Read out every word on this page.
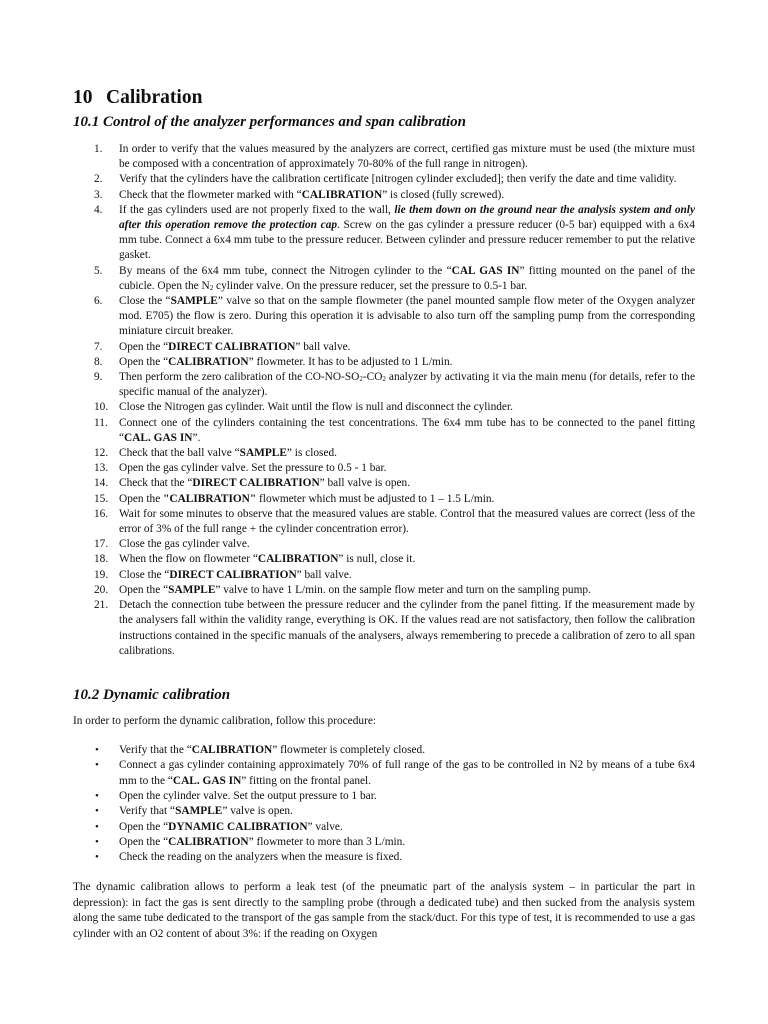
10 Calibration
10.1 Control of the analyzer performances and span calibration
1. In order to verify that the values measured by the analyzers are correct, certified gas mixture must be used (the mixture must be composed with a concentration of approximately 70-80% of the full range in nitrogen).
2. Verify that the cylinders have the calibration certificate [nitrogen cylinder excluded]; then verify the date and time validity.
3. Check that the flowmeter marked with “CALIBRATION” is closed (fully screwed).
4. If the gas cylinders used are not properly fixed to the wall, lie them down on the ground near the analysis system and only after this operation remove the protection cap. Screw on the gas cylinder a pressure reducer (0-5 bar) equipped with a 6x4 mm tube. Connect a 6x4 mm tube to the pressure reducer. Between cylinder and pressure reducer remember to put the relative gasket.
5. By means of the 6x4 mm tube, connect the Nitrogen cylinder to the “CAL GAS IN” fitting mounted on the panel of the cubicle. Open the $N_2$ cylinder valve. On the pressure reducer, set the pressure to 0.5-1 bar.
6. Close the “SAMPLE” valve so that on the sample flowmeter (the panel mounted sample flow meter of the Oxygen analyzer mod. E705) the flow is zero. During this operation it is advisable to also turn off the sampling pump from the corresponding miniature circuit breaker.
7. Open the “DIRECT CALIBRATION” ball valve.
8. Open the “CALIBRATION” flowmeter. It has to be adjusted to 1 L/min.
9. Then perform the zero calibration of the $CO-NO-SO_2-CO_2$ analyzer by activating it via the main menu (for details, refer to the specific manual of the analyzer).
10. Close the Nitrogen gas cylinder. Wait until the flow is null and disconnect the cylinder.
11. Connect one of the cylinders containing the test concentrations. The 6x4 mm tube has to be connected to the panel fitting “CAL. GAS IN”.
12. Check that the ball valve “SAMPLE” is closed.
13. Open the gas cylinder valve. Set the pressure to 0.5 - 1 bar.
14. Check that the “DIRECT CALIBRATION” ball valve is open.
15. Open the "CALIBRATION" flowmeter which must be adjusted to 1 – 1.5 L/min.
16. Wait for some minutes to observe that the measured values are stable. Control that the measured values are correct (less of the error of 3% of the full range + the cylinder concentration error).
17. Close the gas cylinder valve.
18. When the flow on flowmeter “CALIBRATION” is null, close it.
19. Close the “DIRECT CALIBRATION” ball valve.
20. Open the “SAMPLE” valve to have 1 L/min. on the sample flow meter and turn on the sampling pump.
21. Detach the connection tube between the pressure reducer and the cylinder from the panel fitting. If the measurement made by the analysers fall within the validity range, everything is OK. If the values read are not satisfactory, then follow the calibration instructions contained in the specific manuals of the analysers, always remembering to precede a calibration of zero to all span calibrations.
10.2 Dynamic calibration

In order to perform the dynamic calibration, follow this procedure:

• Verify that the “CALIBRATION” flowmeter is completely closed.
• Connect a gas cylinder containing approximately 70% of full range of the gas to be controlled in N2 by means of a tube 6x4 mm to the “CAL. GAS IN” fitting on the frontal panel.
• Open the cylinder valve. Set the output pressure to 1 bar.
• Verify that “SAMPLE” valve is open.
• Open the “DYNAMIC CALIBRATION” valve.
• Open the “CALIBRATION” flowmeter to more than 3 L/min.
• Check the reading on the analyzers when the measure is fixed.

The dynamic calibration allows to perform a leak test (of the pneumatic part of the analysis system – in particular the part in depression): in fact the gas is sent directly to the sampling probe (through a dedicated tube) and then sucked from the analysis system along the same tube dedicated to the transport of the gas sample from the stack/duct. For this type of test, it is recommended to use a gas cylinder with an O2 content of about 3%: if the reading on Oxygen
